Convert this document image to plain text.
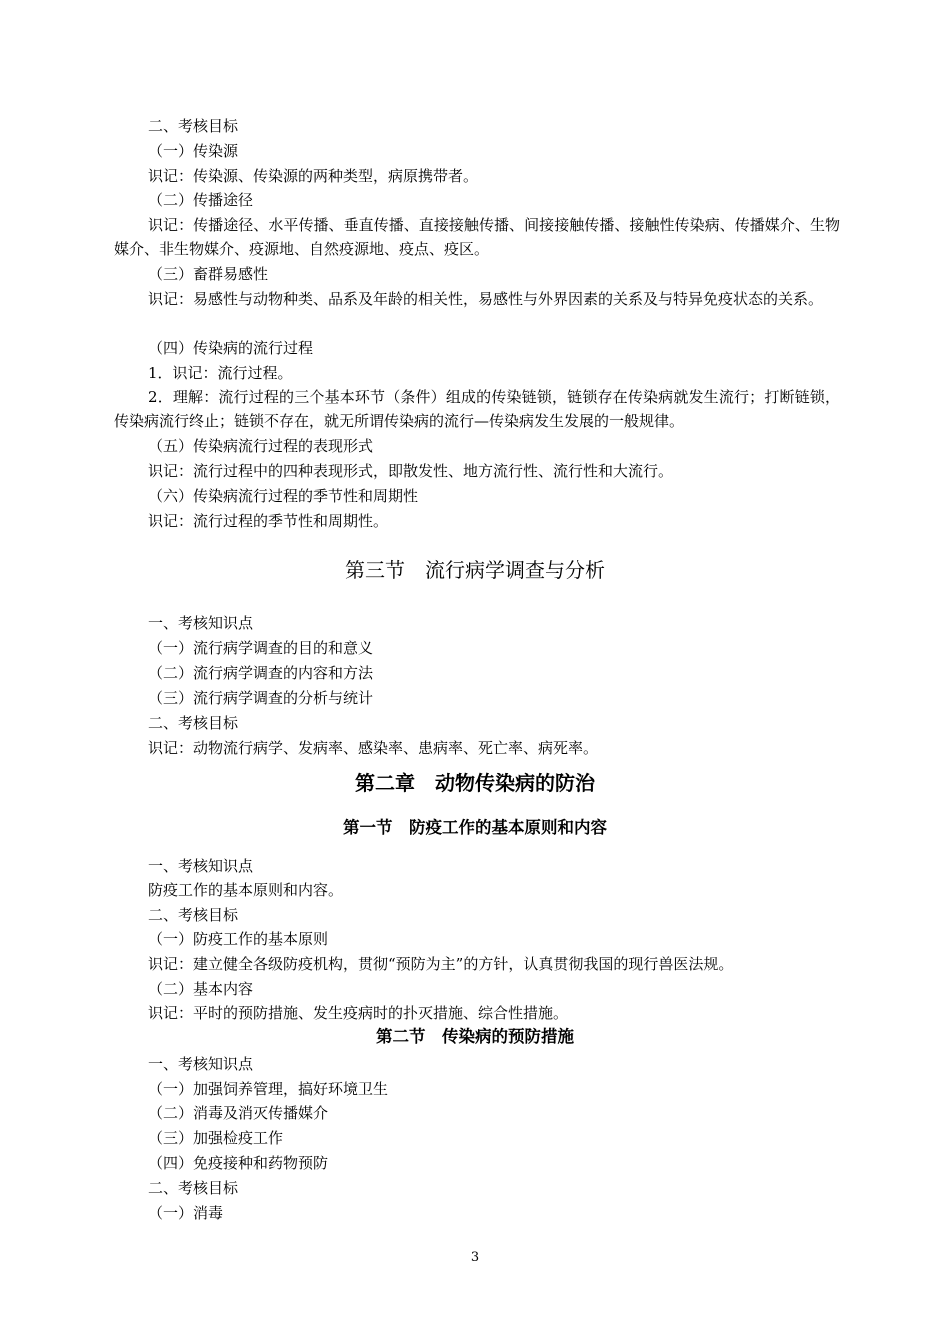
二、考核目标

（一）传染源

识记：传染源、传染源的两种类型，病原携带者。

（二）传播途径

识记：传播途径、水平传播、垂直传播、直接接触传播、间接接触传播、接触性传染病、传播媒介、生物媒介、非生物媒介、疫源地、自然疫源地、疫点、疫区。

（三）畜群易感性

识记：易感性与动物种类、品系及年龄的相关性，易感性与外界因素的关系及与特异免疫状态的关系。

（四）传染病的流行过程

1．识记：流行过程。

2．理解：流行过程的三个基本环节（条件）组成的传染链锁，链锁存在传染病就发生流行；打断链锁，传染病流行终止；链锁不存在，就无所谓传染病的流行—传染病发生发展的一般规律。

（五）传染病流行过程的表现形式

识记：流行过程中的四种表现形式，即散发性、地方流行性、流行性和大流行。

（六）传染病流行过程的季节性和周期性

识记：流行过程的季节性和周期性。

第三节　流行病学调查与分析

一、考核知识点

（一）流行病学调查的目的和意义

（二）流行病学调查的内容和方法

（三）流行病学调查的分析与统计

二、考核目标

识记：动物流行病学、发病率、感染率、患病率、死亡率、病死率。

第二章　动物传染病的防治

第一节　防疫工作的基本原则和内容

一、考核知识点

防疫工作的基本原则和内容。

二、考核目标

（一）防疫工作的基本原则

识记：建立健全各级防疫机构，贯彻“预防为主”的方针，认真贯彻我国的现行兽医法规。

（二）基本内容

识记：平时的预防措施、发生疫病时的扑灭措施、综合性措施。

第二节　传染病的预防措施

一、考核知识点

（一）加强饲养管理，搞好环境卫生

（二）消毒及消灭传播媒介

（三）加强检疫工作

（四）免疫接种和药物预防

二、考核目标

（一）消毒

3
